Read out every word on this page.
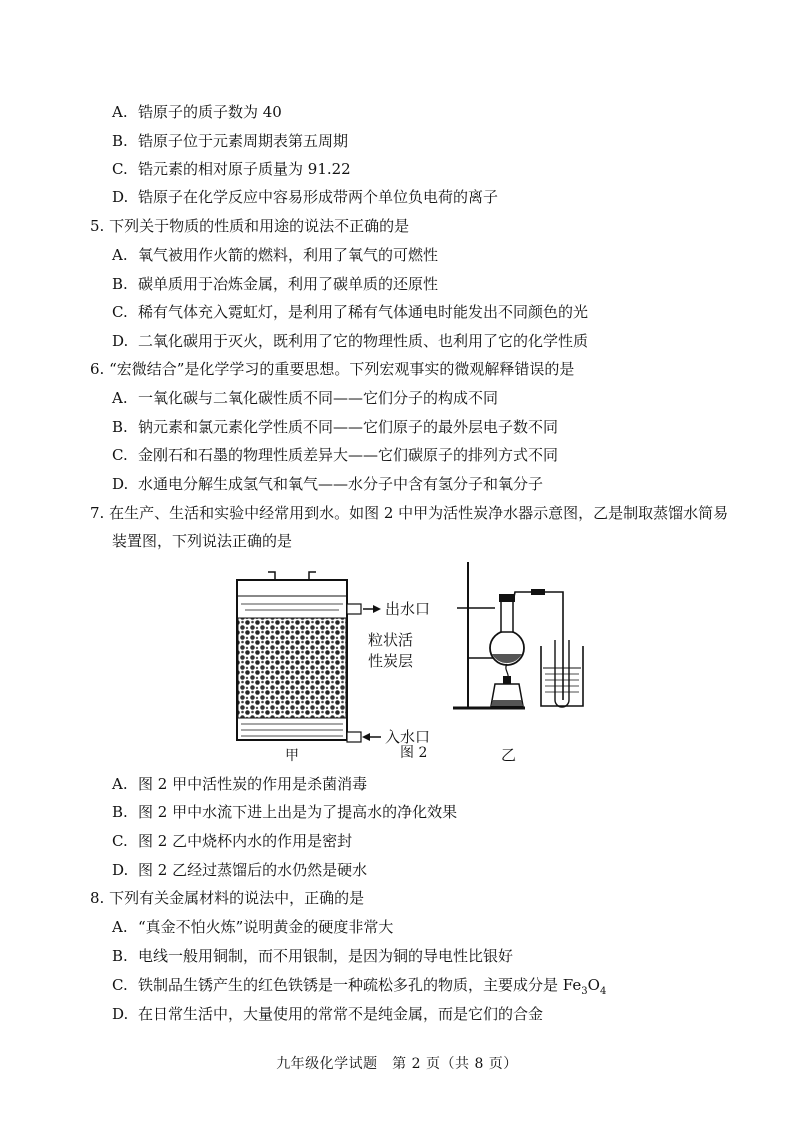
A. 锆原子的质子数为 40
B. 锆原子位于元素周期表第五周期
C. 锆元素的相对原子质量为 91.22
D. 锆原子在化学反应中容易形成带两个单位负电荷的离子
5. 下列关于物质的性质和用途的说法不正确的是
A. 氧气被用作火箭的燃料，利用了氧气的可燃性
B. 碳单质用于冶炼金属，利用了碳单质的还原性
C. 稀有气体充入霓虹灯，是利用了稀有气体通电时能发出不同颜色的光
D. 二氧化碳用于灭火，既利用了它的物理性质、也利用了它的化学性质
6. “宏微结合”是化学学习的重要思想。下列宏观事实的微观解释错误的是
A. 一氧化碳与二氧化碳性质不同——它们分子的构成不同
B. 钠元素和氯元素化学性质不同——它们原子的最外层电子数不同
C. 金刚石和石墨的物理性质差异大——它们碳原子的排列方式不同
D. 水通电分解生成氢气和氧气——水分子中含有氢分子和氧分子
7. 在生产、生活和实验中经常用到水。如图 2 中甲为活性炭净水器示意图，乙是制取蒸馏水简易
装置图，下列说法正确的是
出水口
粒状活
性炭层
入水口
甲	乙
图 2
A. 图 2 甲中活性炭的作用是杀菌消毒
B. 图 2 甲中水流下进上出是为了提高水的净化效果
C. 图 2 乙中烧杯内水的作用是密封
D. 图 2 乙经过蒸馏后的水仍然是硬水
8. 下列有关金属材料的说法中，正确的是
A. “真金不怕火炼”说明黄金的硬度非常大
B. 电线一般用铜制，而不用银制，是因为铜的导电性比银好
C. 铁制品生锈产生的红色铁锈是一种疏松多孔的物质，主要成分是 $Fe_3O_4$
D. 在日常生活中，大量使用的常常不是纯金属，而是它们的合金
九年级化学试题　第 2 页（共 8 页）
